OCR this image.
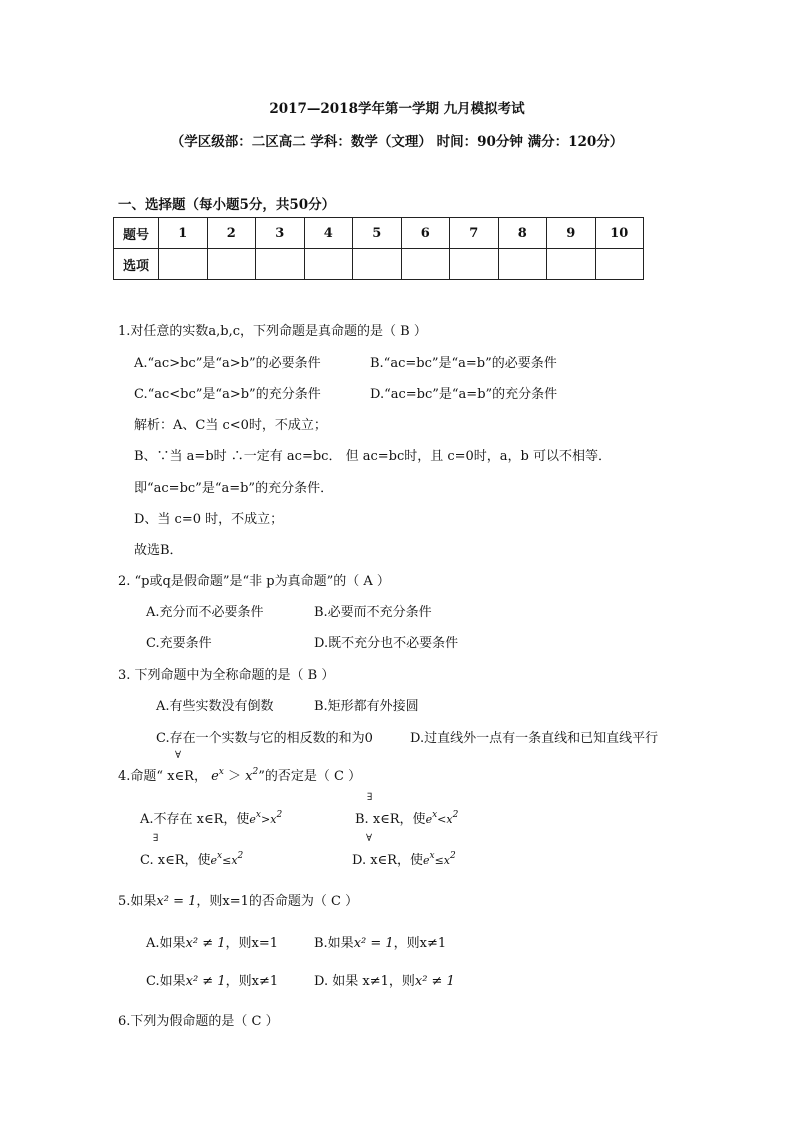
2017—2018学年第一学期 九月模拟考试
（学区级部：二区高二 学科：数学（文理） 时间：90分钟 满分：120分）
一、选择题（每小题5分，共50分）
题号	1	2	3	4	5	6	7	8	9	10
选项										
1.对任意的实数a,b,c，下列命题是真命题的是（ B ）
A.“ac>bc”是“a>b”的必要条件	B.“ac=bc”是“a=b”的必要条件
C.“ac<bc”是“a>b”的充分条件	D.“ac=bc”是“a=b”的充分条件
解析：A、C当 c<0时，不成立；
B、∵当 a=b时 ∴一定有 ac=bc． 但 ac=bc时，且 c=0时，a，b 可以不相等．
即“ac=bc”是“a=b”的充分条件．
D、当 c=0 时，不成立；
故选B．
2. “p或q是假命题”是“非 p为真命题”的（ A ）
A.充分而不必要条件	B.必要而不充分条件
C.充要条件	D.既不充分也不必要条件
3. 下列命题中为全称命题的是（ B ）
A.有些实数没有倒数	B.矩形都有外接圆
C.存在一个实数与它的相反数的和为0	D.过直线外一点有一条直线和已知直线平行
4.命题“ x∈R， $e^x > x^2$”的否定是（ C ）
∀
A.不存在 x∈R，使$e^x>x^2$
∃
B. x∈R，使$e^x<x^2$
∃
C. x∈R，使$e^x\le x^2$
∀
D. x∈R，使$e^x\le x^2$
5.如果x² = 1，则x=1的否命题为（ C ）
A.如果x² ≠ 1，则x=1	B.如果x² = 1，则x≠1
C.如果x² ≠ 1，则x≠1	D. 如果 x≠1，则x² ≠ 1
6.下列为假命题的是（ C ）
